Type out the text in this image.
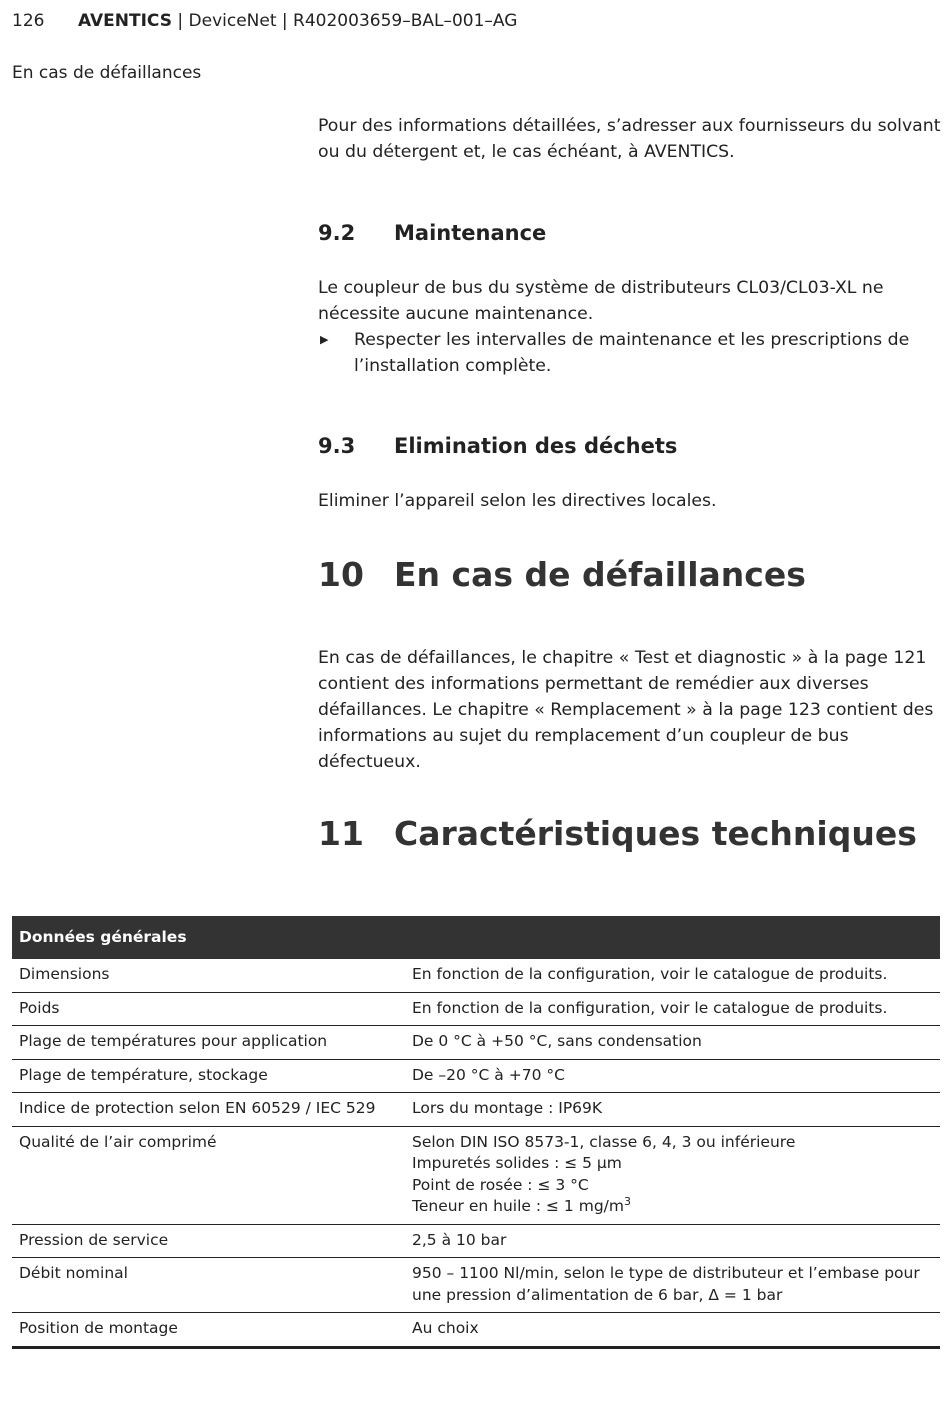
126 AVENTICS | DeviceNet | R402003659–BAL–001–AG
En cas de défaillances

Pour des informations détaillées, s’adresser aux fournisseurs du solvant ou du détergent et, le cas échéant, à AVENTICS.

9.2 Maintenance

Le coupleur de bus du système de distributeurs CL03/CL03-XL ne nécessite aucune maintenance.

▶ Respecter les intervalles de maintenance et les prescriptions de l’installation complète.
9.3 Elimination des déchets

Eliminer l’appareil selon les directives locales.

10 En cas de défaillances

En cas de défaillances, le chapitre « Test et diagnostic » à la page 121 contient des informations permettant de remédier aux diverses défaillances. Le chapitre « Remplacement » à la page 123 contient des informations au sujet du remplacement d’un coupleur de bus défectueux.

11 Caractéristiques techniques
Données générales	
Dimensions	En fonction de la configuration, voir le catalogue de produits.

Poids	En fonction de la configuration, voir le catalogue de produits.

Plage de températures pour application	De 0 °C à +50 °C, sans condensation

Plage de température, stockage	De –20 °C à +70 °C

Indice de protection selon EN 60529 / IEC 529	Lors du montage : IP69K

Qualité de l’air comprimé	Selon DIN ISO 8573-1, classe 6, 4, 3 ou inférieure
Impuretés solides : ≤ 5 μm
Point de rosée : ≤ 3 °C
Teneur en huile : ≤ 1 $mg/m^3$

Pression de service	2,5 à 10 bar

Débit nominal	950 – 1100 Nl/min, selon le type de distributeur et l’embase pour une pression d’alimentation de 6 bar, Δ = 1 bar

Position de montage	Au choix
